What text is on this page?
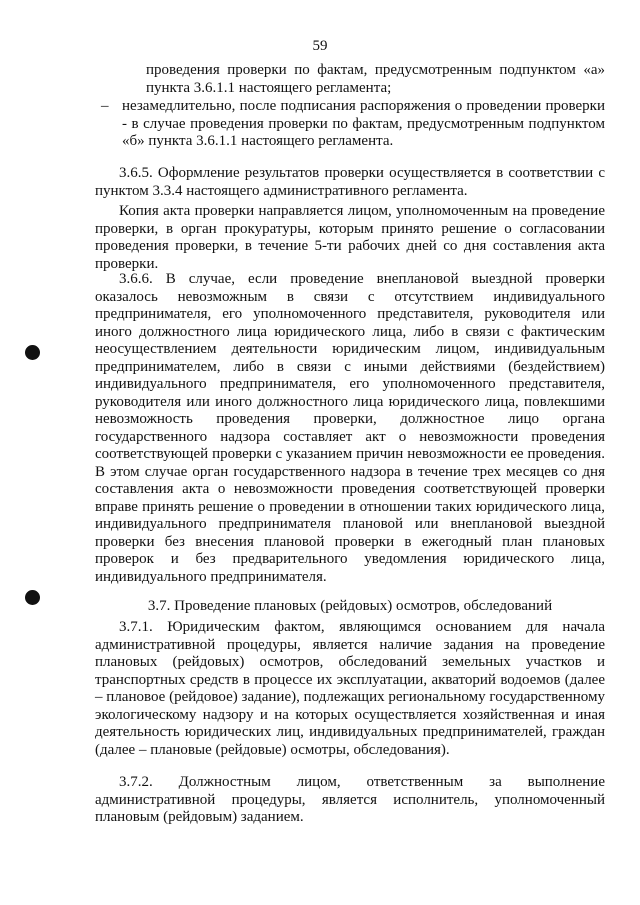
59
проведения проверки по фактам, предусмотренным подпунктом «а» пункта 3.6.1.1 настоящего регламента;
– незамедлительно, после подписания распоряжения о проведении проверки - в случае проведения проверки по фактам, предусмотренным подпунктом «б» пункта 3.6.1.1 настоящего регламента.
3.6.5. Оформление результатов проверки осуществляется в соответствии с пунктом 3.3.4 настоящего административного регламента.
Копия акта проверки направляется лицом, уполномоченным на проведение проверки, в орган прокуратуры, которым принято решение о согласовании проведения проверки, в течение 5-ти рабочих дней со дня составления акта проверки.
3.6.6. В случае, если проведение внеплановой выездной проверки оказалось невозможным в связи с отсутствием индивидуального предпринимателя, его уполномоченного представителя, руководителя или иного должностного лица юридического лица, либо в связи с фактическим неосуществлением деятельности юридическим лицом, индивидуальным предпринимателем, либо в связи с иными действиями (бездействием) индивидуального предпринимателя, его уполномоченного представителя, руководителя или иного должностного лица юридического лица, повлекшими невозможность проведения проверки, должностное лицо органа государственного надзора составляет акт о невозможности проведения соответствующей проверки с указанием причин невозможности ее проведения. В этом случае орган государственного надзора в течение трех месяцев со дня составления акта о невозможности проведения соответствующей проверки вправе принять решение о проведении в отношении таких юридического лица, индивидуального предпринимателя плановой или внеплановой выездной проверки без внесения плановой проверки в ежегодный план плановых проверок и без предварительного уведомления юридического лица, индивидуального предпринимателя.
3.7. Проведение плановых (рейдовых) осмотров, обследований
3.7.1. Юридическим фактом, являющимся основанием для начала административной процедуры, является наличие задания на проведение плановых (рейдовых) осмотров, обследований земельных участков и транспортных средств в процессе их эксплуатации, акваторий водоемов (далее – плановое (рейдовое) задание), подлежащих региональному государственному экологическому надзору и на которых осуществляется хозяйственная и иная деятельность юридических лиц, индивидуальных предпринимателей, граждан (далее – плановые (рейдовые) осмотры, обследования).
3.7.2. Должностным лицом, ответственным за выполнение административной процедуры, является исполнитель, уполномоченный плановым (рейдовым) заданием.
